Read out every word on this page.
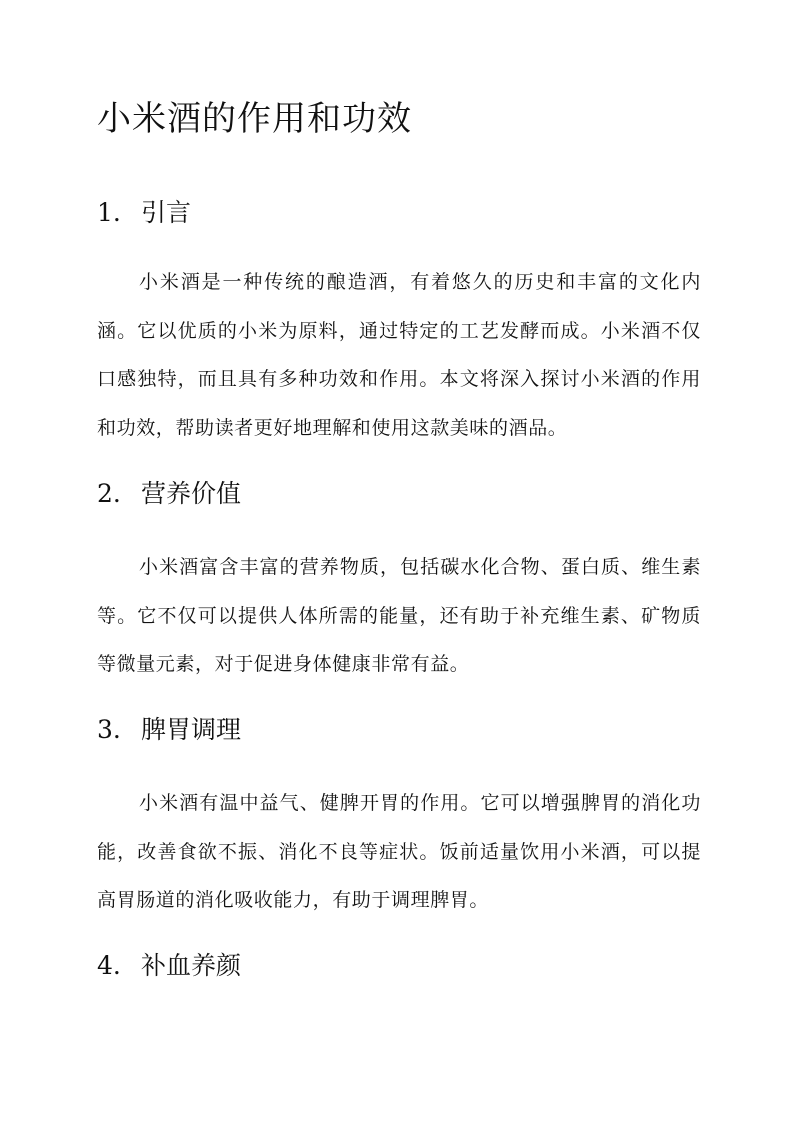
小米酒的作用和功效
1. 引言

小米酒是一种传统的酿造酒，有着悠久的历史和丰富的文化内涵。它以优质的小米为原料，通过特定的工艺发酵而成。小米酒不仅口感独特，而且具有多种功效和作用。本文将深入探讨小米酒的作用和功效，帮助读者更好地理解和使用这款美味的酒品。

2. 营养价值

小米酒富含丰富的营养物质，包括碳水化合物、蛋白质、维生素等。它不仅可以提供人体所需的能量，还有助于补充维生素、矿物质等微量元素，对于促进身体健康非常有益。

3. 脾胃调理

小米酒有温中益气、健脾开胃的作用。它可以增强脾胃的消化功能，改善食欲不振、消化不良等症状。饭前适量饮用小米酒，可以提高胃肠道的消化吸收能力，有助于调理脾胃。

4. 补血养颜
